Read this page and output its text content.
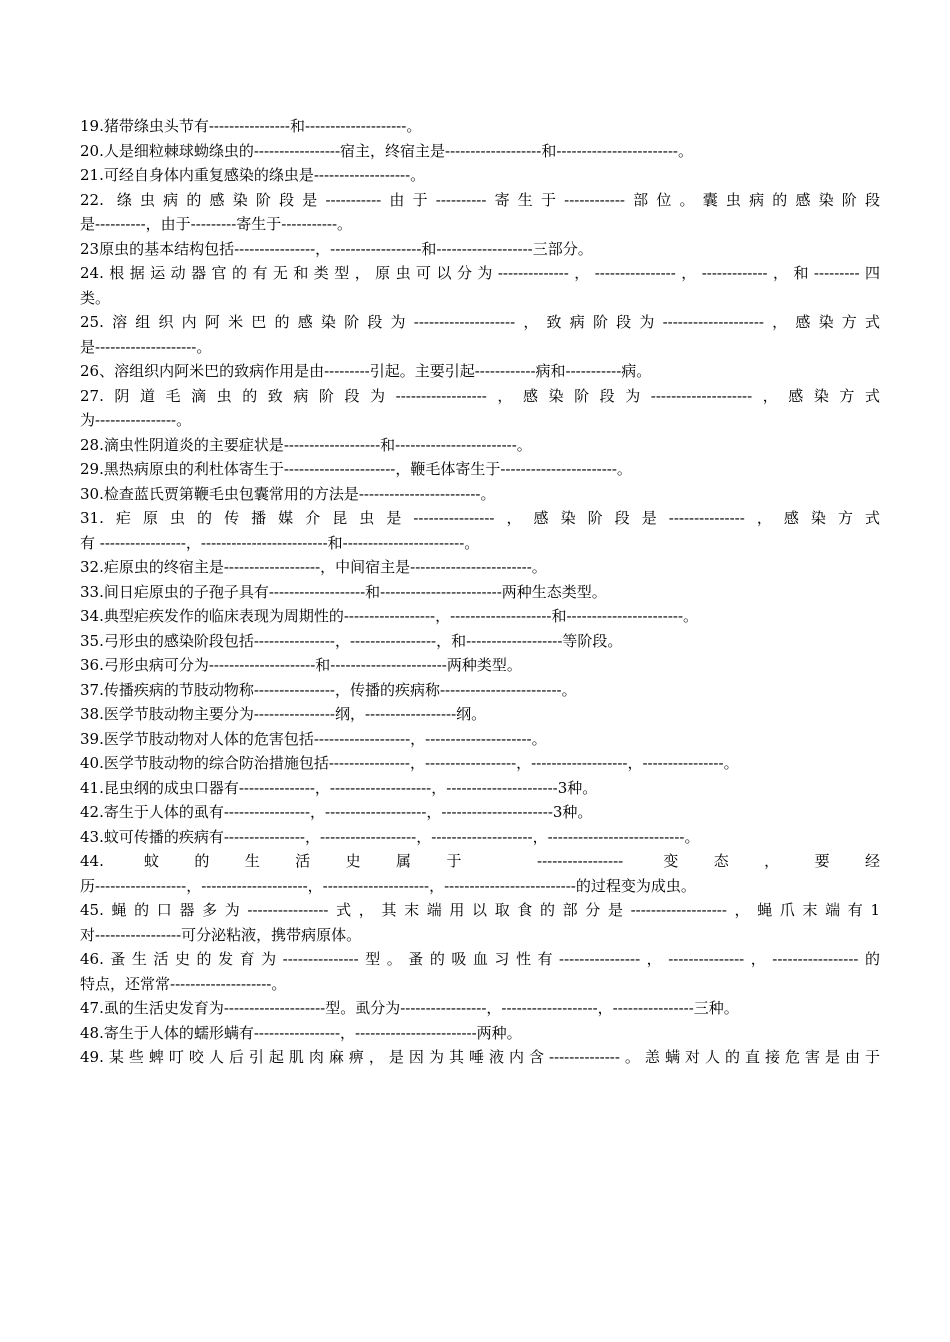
19.猪带绦虫头节有----------------和--------------------。
20.人是细粒棘球蚴绦虫的-----------------宿主，终宿主是-------------------和------------------------。
21.可经自身体内重复感染的绦虫是-------------------。
22. 绦虫病的感染阶段是-----------由于----------寄生于------------部位。囊虫病的感染阶段
是----------，由于---------寄生于-----------。
23原虫的基本结构包括----------------，------------------和-------------------三部分。
24.根据运动器官的有无和类型，原虫可以分为--------------，----------------，-------------，和---------四
类。
25.溶组织内阿米巴的感染阶段为--------------------，致病阶段为--------------------，感染方式
是--------------------。
26、溶组织内阿米巴的致病作用是由---------引起。主要引起------------病和-----------病。
27.阴道毛滴虫的致病阶段为------------------，感染阶段为--------------------，感染方式
为----------------。
28.滴虫性阴道炎的主要症状是-------------------和------------------------。
29.黑热病原虫的利杜体寄生于----------------------，鞭毛体寄生于-----------------------。
30.检查蓝氏贾第鞭毛虫包囊常用的方法是------------------------。
31.疟原虫的传播媒介昆虫是----------------，感染阶段是---------------，感染方式
有 -----------------，-------------------------和------------------------。
32.疟原虫的终宿主是-------------------，中间宿主是------------------------。
33.间日疟原虫的子孢子具有-------------------和------------------------两种生态类型。
34.典型疟疾发作的临床表现为周期性的------------------，--------------------和-----------------------。
35.弓形虫的感染阶段包括----------------，-----------------，和-------------------等阶段。
36.弓形虫病可分为---------------------和-----------------------两种类型。
37.传播疾病的节肢动物称----------------，传播的疾病称------------------------。
38.医学节肢动物主要分为----------------纲，------------------纲。
39.医学节肢动物对人体的危害包括-------------------，---------------------。
40.医学节肢动物的综合防治措施包括----------------，------------------，-------------------，----------------。
41.昆虫纲的成虫口器有---------------，--------------------，----------------------3种。
42.寄生于人体的虱有-----------------，--------------------，----------------------3种。
43.蚊可传播的疾病有----------------，-------------------，--------------------，---------------------------。
44. 蚊的生活史属于 ----------------- 变态，要经
历------------------，---------------------，---------------------，--------------------------的过程变为成虫。
45.蝇的口器多为----------------式，其末端用以取食的部分是-------------------，蝇爪末端有1
对-----------------可分泌粘液，携带病原体。
46.蚤生活史的发育为---------------型。蚤的吸血习性有----------------，---------------，-----------------的
特点，还常常--------------------。
47.虱的生活史发育为--------------------型。虱分为-----------------，-------------------，----------------三种。
48.寄生于人体的蠕形螨有-----------------，------------------------两种。
49.某些蜱叮咬人后引起肌肉麻痹，是因为其唾液内含--------------。恙螨对人的直接危害是由于
